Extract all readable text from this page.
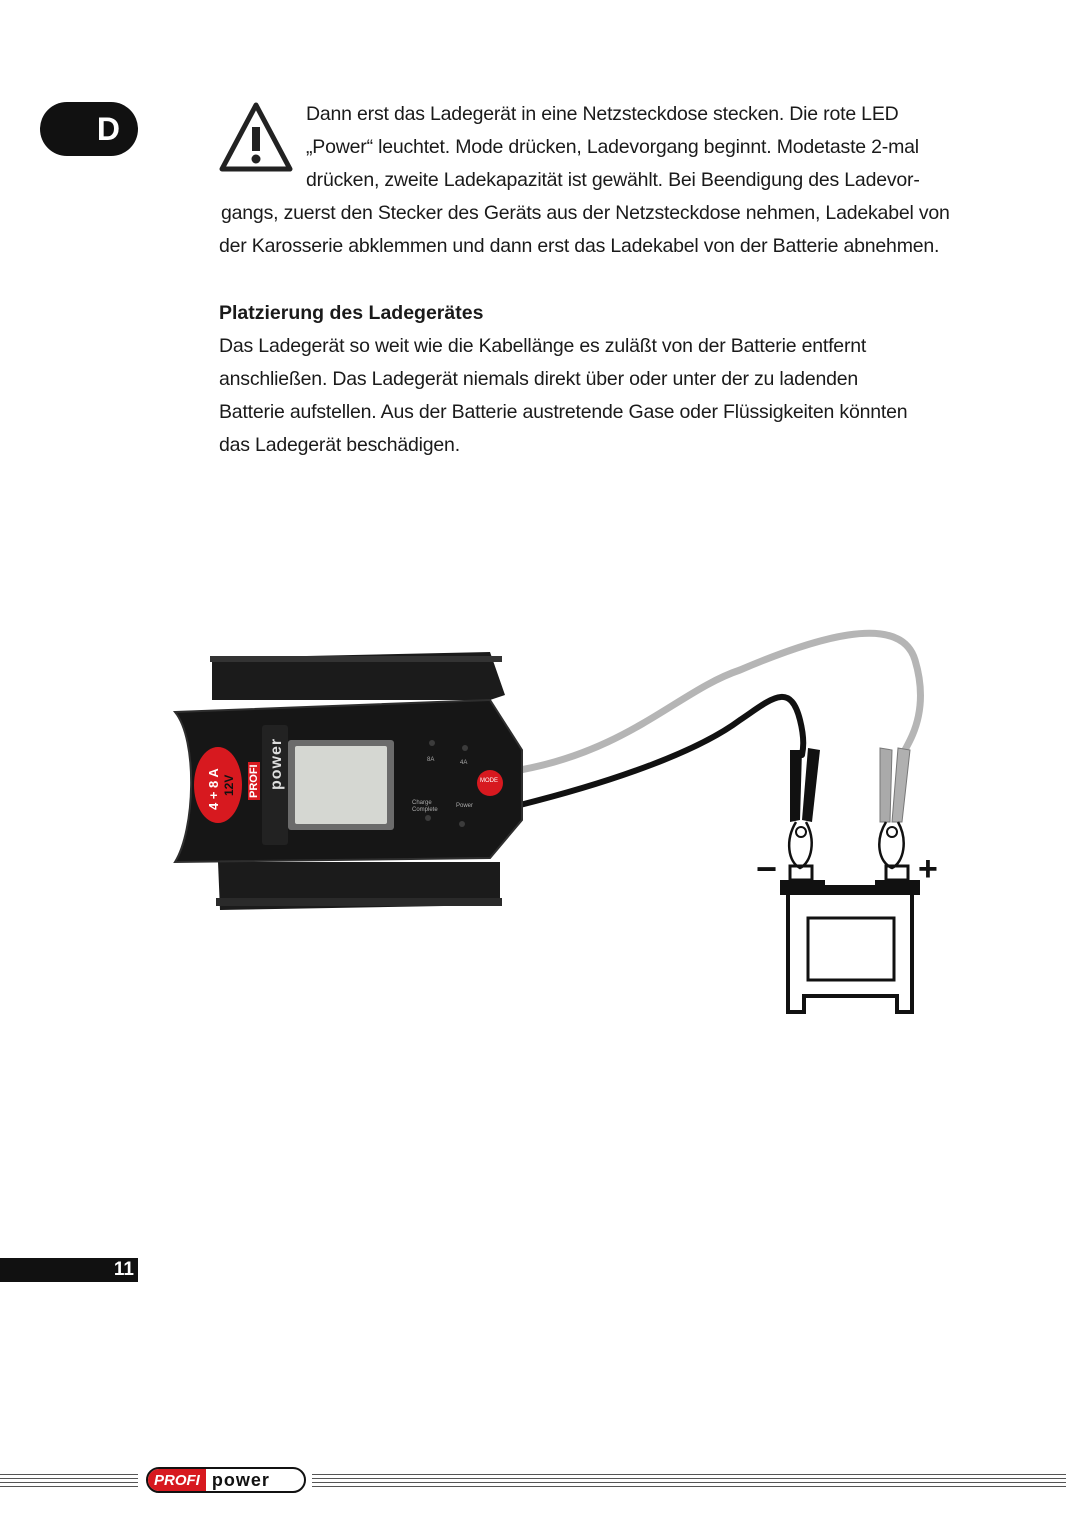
D	Dann erst das Ladegerät in eine Netzsteckdose stecken. Die rote LED
„Power“ leuchtet. Mode drücken, Ladevorgang beginnt. Modetaste 2-mal
drücken, zweite Ladekapazität ist gewählt. Bei Beendigung des Ladevor-
gangs, zuerst den Stecker des Geräts aus der Netzsteckdose nehmen, Ladekabel von
der Karosserie abklemmen und dann erst das Ladekabel von der Batterie abnehmen.
Platzierung des Ladegerätes
Das Ladegerät so weit wie die Kabellänge es zuläßt von der Batterie entfernt
anschließen. Das Ladegerät niemals direkt über oder unter der zu ladenden
Batterie aufstellen. Aus der Batterie austretende Gase oder Flüssigkeiten könnten
das Ladegerät beschädigen.
PROFI power
4 + 8 A 12V	MODE
8A	4A
Charge Complete
Power
−	+
11
PROFI power
